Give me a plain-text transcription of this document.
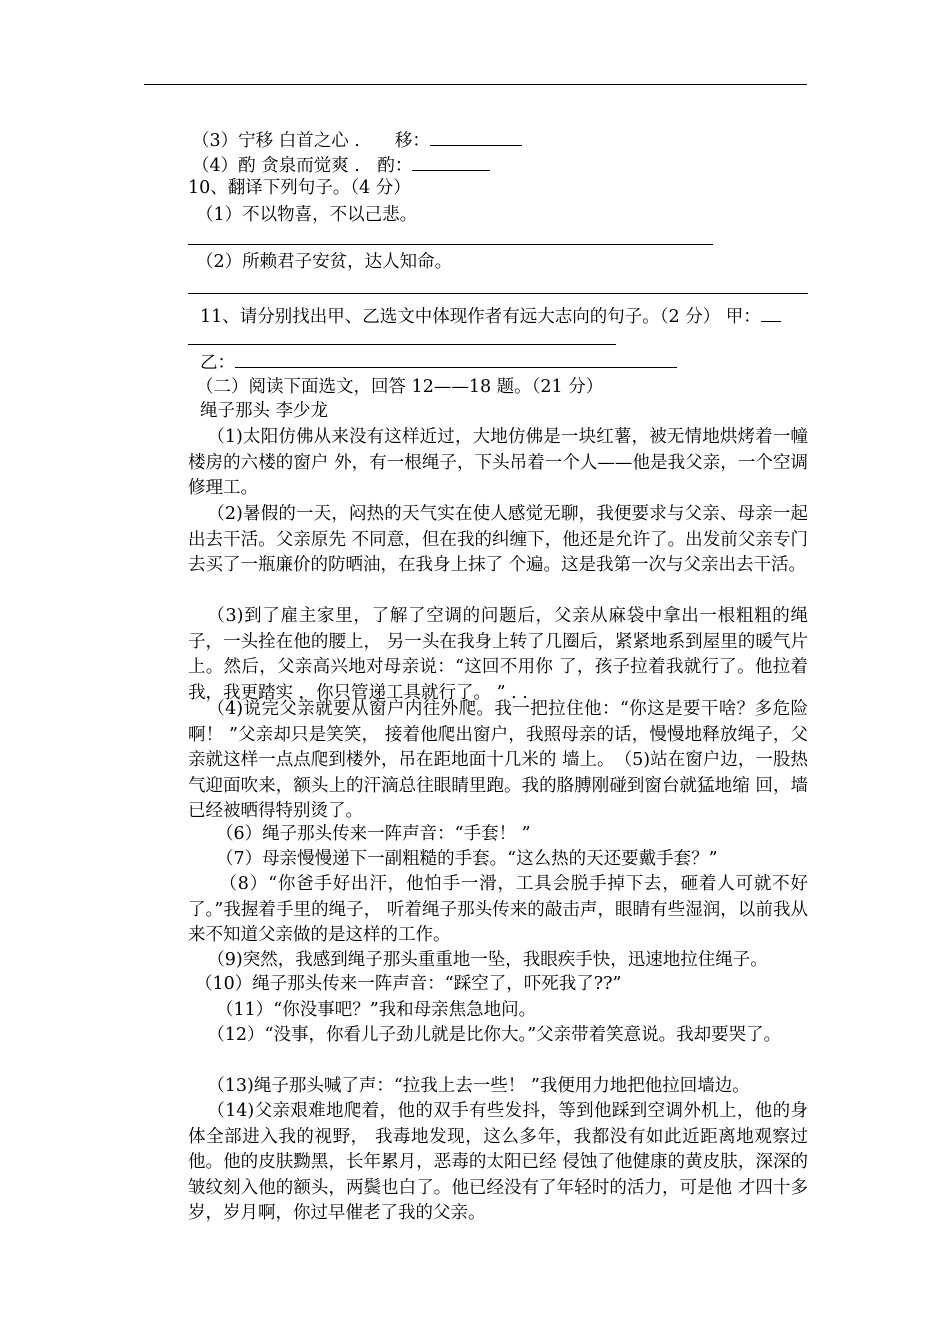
（3）宁移 白首之心 .　　移：
（4）酌 贪泉而觉爽 .　酌：
10、翻译下列句子。（4 分）
（1）不以物喜，不以己悲。
（2）所赖君子安贫，达人知命。
11、请分别找出甲、乙选文中体现作者有远大志向的句子。（2 分） 甲：
乙：
（二）阅读下面选文，回答 12——18 题。（21 分）
绳子那头 李少龙
（1)太阳仿佛从来没有这样近过，大地仿佛是一块红薯，被无情地烘烤着一幢楼房的六楼的窗户 外，有一根绳子，下头吊着一个人——他是我父亲，一个空调修理工。
（2)暑假的一天，闷热的天气实在使人感觉无聊，我便要求与父亲、母亲一起出去干活。父亲原先 不同意，但在我的纠缠下，他还是允许了。出发前父亲专门去买了一瓶廉价的防晒油，在我身上抹了 个遍。这是我第一次与父亲出去干活。
（3)到了雇主家里，了解了空调的问题后，父亲从麻袋中拿出一根粗粗的绳子，一头拴在他的腰上， 另一头在我身上转了几圈后，紧紧地系到屋里的暖气片上。然后，父亲高兴地对母亲说：“这回不用你 了，孩子拉着我就行了。他拉着我，我更踏实 ，你只管递工具就行了。 ” . .
（4)说完父亲就要从窗户内往外爬。我一把拉住他：“你这是要干啥？多危险啊！ ”父亲却只是笑笑， 接着他爬出窗户，我照母亲的话，慢慢地释放绳子，父亲就这样一点点爬到楼外，吊在距地面十几米的 墙上。　（5)站在窗户边，一股热气迎面吹来，额头上的汗滴总往眼睛里跑。我的胳膊刚碰到窗台就猛地缩 回，墙已经被晒得特别烫了。
（6）绳子那头传来一阵声音：“手套！ ”
（7）母亲慢慢递下一副粗糙的手套。“这么热的天还要戴手套？”
（8）“你爸手好出汗，他怕手一滑，工具会脱手掉下去，砸着人可就不好了。”我握着手里的绳子， 听着绳子那头传来的敲击声，眼睛有些湿润，以前我从来不知道父亲做的是这样的工作。
（9)突然，我感到绳子那头重重地一坠，我眼疾手快，迅速地拉住绳子。
（10）绳子那头传来一阵声音：“踩空了，吓死我了??”
（11）“你没事吧？”我和母亲焦急地问。
（12）“没事，你看儿子劲儿就是比你大。”父亲带着笑意说。我却要哭了。
（13)绳子那头喊了声：“拉我上去一些！ ”我便用力地把他拉回墙边。
（14)父亲艰难地爬着，他的双手有些发抖，等到他踩到空调外机上，他的身体全部进入我的视野， 我毒地发现，这么多年，我都没有如此近距离地观察过他。他的皮肤黝黑，长年累月，恶毒的太阳已经 侵蚀了他健康的黄皮肤，深深的皱纹刻入他的额头，两鬓也白了。他已经没有了年轻时的活力，可是他 才四十多岁，岁月啊，你过早催老了我的父亲。
